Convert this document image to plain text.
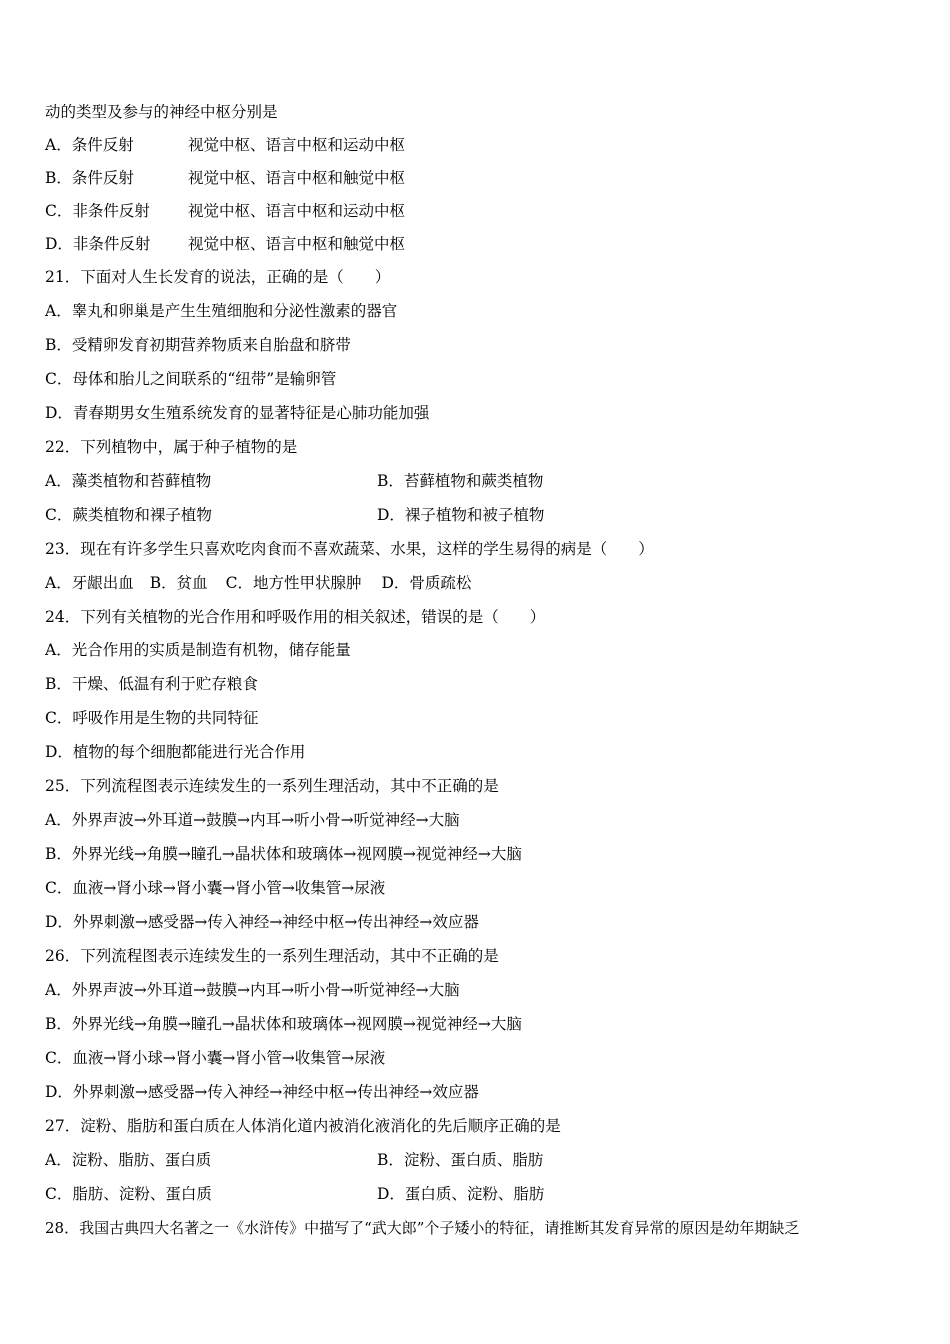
动的类型及参与的神经中枢分别是
A．条件反射	视觉中枢、语言中枢和运动中枢
B．条件反射	视觉中枢、语言中枢和触觉中枢
C．非条件反射 视觉中枢、语言中枢和运动中枢
D．非条件反射 视觉中枢、语言中枢和触觉中枢
21．下面对人生长发育的说法，正确的是（　　）
A．睾丸和卵巢是产生生殖细胞和分泌性激素的器官
B．受精卵发育初期营养物质来自胎盘和脐带
C．母体和胎儿之间联系的“纽带”是输卵管
D．青春期男女生殖系统发育的显著特征是心肺功能加强
22．下列植物中，属于种子植物的是
A．藻类植物和苔藓植物	B．苔藓植物和蕨类植物
C．蕨类植物和裸子植物	D．裸子植物和被子植物
23．现在有许多学生只喜欢吃肉食而不喜欢蔬菜、水果，这样的学生易得的病是（　　）
A．牙龈出血 B．贫血 C．地方性甲状腺肿 D．骨质疏松
24．下列有关植物的光合作用和呼吸作用的相关叙述，错误的是（　　）
A．光合作用的实质是制造有机物，储存能量
B．干燥、低温有利于贮存粮食
C．呼吸作用是生物的共同特征
D．植物的每个细胞都能进行光合作用
25．下列流程图表示连续发生的一系列生理活动，其中不正确的是
A．外界声波→外耳道→鼓膜→内耳→听小骨→听觉神经→大脑
B．外界光线→角膜→瞳孔→晶状体和玻璃体→视网膜→视觉神经→大脑
C．血液→肾小球→肾小囊→肾小管→收集管→尿液
D．外界刺激→感受器→传入神经→神经中枢→传出神经→效应器
26．下列流程图表示连续发生的一系列生理活动，其中不正确的是
A．外界声波→外耳道→鼓膜→内耳→听小骨→听觉神经→大脑
B．外界光线→角膜→瞳孔→晶状体和玻璃体→视网膜→视觉神经→大脑
C．血液→肾小球→肾小囊→肾小管→收集管→尿液
D．外界刺激→感受器→传入神经→神经中枢→传出神经→效应器
27．淀粉、脂肪和蛋白质在人体消化道内被消化液消化的先后顺序正确的是
A．淀粉、脂肪、蛋白质	B．淀粉、蛋白质、脂肪
C．脂肪、淀粉、蛋白质	D．蛋白质、淀粉、脂肪
28．我国古典四大名著之一《水浒传》中描写了“武大郎”个子矮小的特征，请推断其发育异常的原因是幼年期缺乏
